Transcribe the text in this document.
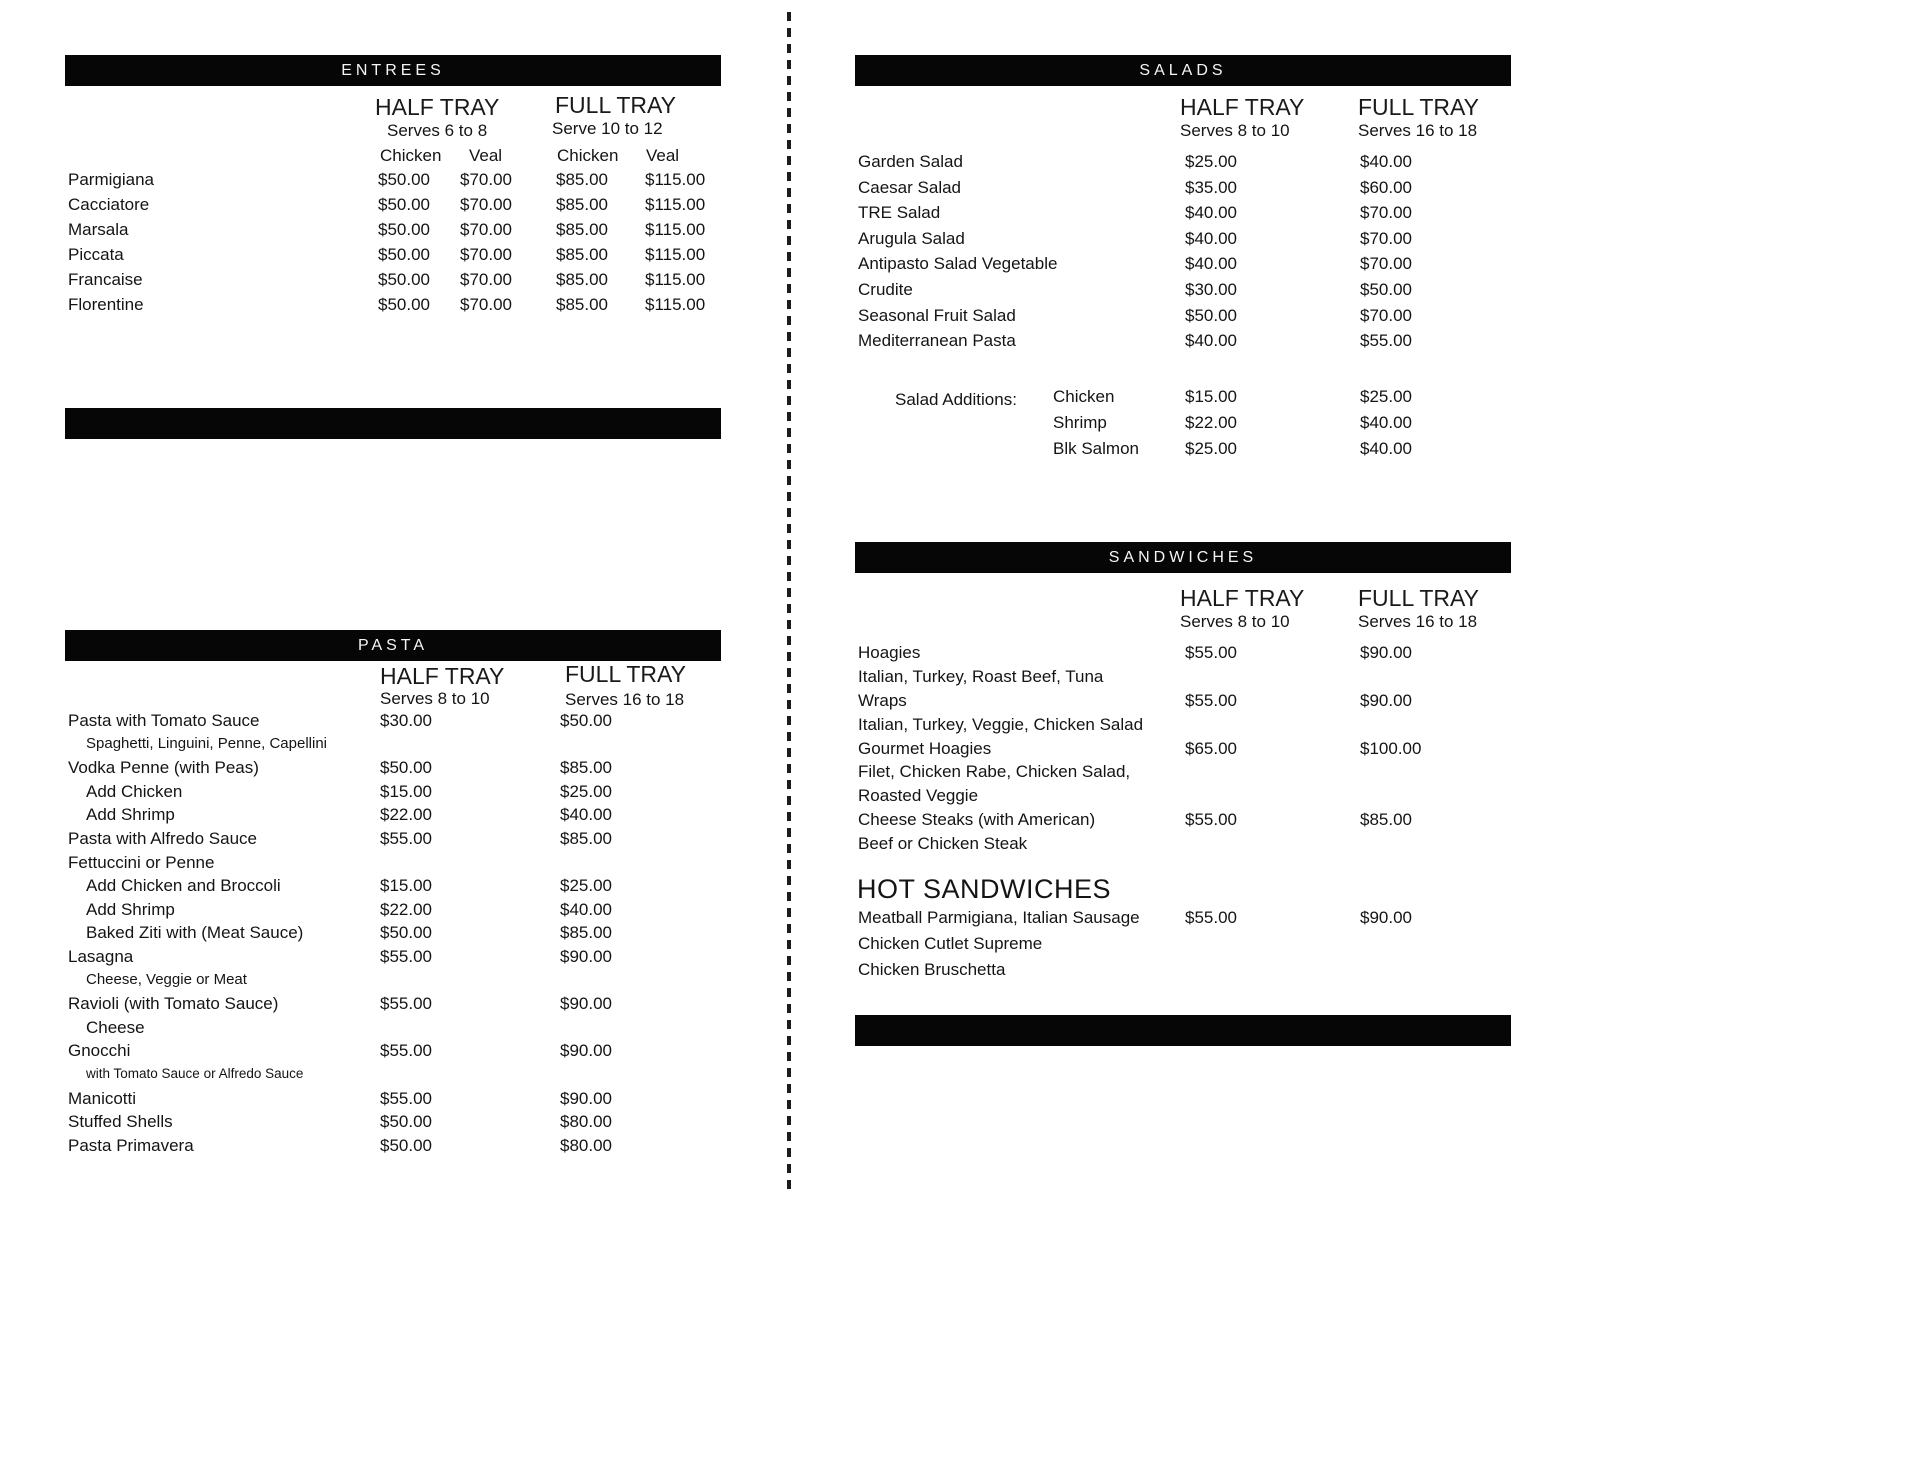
ENTREES
HALF TRAY
Serves 6 to 8
FULL TRAY
Serve 10 to 12
Chicken Veal	Chicken Veal
Parmigiana	$50.00 $70.00	$85.00 $115.00
Cacciatore	$50.00 $70.00	$85.00 $115.00
Marsala	$50.00 $70.00	$85.00 $115.00
Piccata	$50.00 $70.00	$85.00 $115.00
Francaise	$50.00 $70.00	$85.00 $115.00
Florentine	$50.00 $70.00	$85.00 $115.00
PASTA
HALF TRAY
Serves 8 to 10
FULL TRAY
Serves 16 to 18
Pasta with Tomato Sauce	$30.00	$50.00
Spaghetti, Linguini, Penne, Capellini
Vodka Penne (with Peas)	$50.00	$85.00
Add Chicken	$15.00	$25.00
Add Shrimp	$22.00	$40.00
Pasta with Alfredo Sauce	$55.00	$85.00
Fettuccini or Penne
Add Chicken and Broccoli	$15.00	$25.00
Add Shrimp	$22.00	$40.00
Baked Ziti with (Meat Sauce)	$50.00	$85.00
Lasagna	$55.00	$90.00
Cheese, Veggie or Meat
Ravioli (with Tomato Sauce)	$55.00	$90.00
Cheese
Gnocchi	$55.00	$90.00
with Tomato Sauce or Alfredo Sauce
Manicotti	$55.00	$90.00
Stuffed Shells	$50.00	$80.00
Pasta Primavera	$50.00	$80.00
SALADS
HALF TRAY
Serves 8 to 10
FULL TRAY
Serves 16 to 18
Garden Salad	$25.00	$40.00
Caesar Salad	$35.00	$60.00
TRE Salad	$40.00	$70.00
Arugula Salad	$40.00	$70.00
Antipasto Salad Vegetable	$40.00	$70.00
Crudite	$30.00	$50.00
Seasonal Fruit Salad	$50.00	$70.00
Mediterranean Pasta	$40.00	$55.00
Salad Additions: Chicken	$15.00	$25.00
Shrimp	$22.00	$40.00
Blk Salmon	$25.00	$40.00
SANDWICHES
HALF TRAY
Serves 8 to 10
FULL TRAY
Serves 16 to 18
Hoagies	$55.00	$90.00
Italian, Turkey, Roast Beef, Tuna
Wraps	$55.00	$90.00
Italian, Turkey, Veggie, Chicken Salad
Gourmet Hoagies	$65.00	$100.00
Filet, Chicken Rabe, Chicken Salad,
Roasted Veggie
Cheese Steaks (with American)	$55.00	$85.00
Beef or Chicken Steak
HOT SANDWICHES
Meatball Parmigiana, Italian Sausage	$55.00	$90.00
Chicken Cutlet Supreme
Chicken Bruschetta
